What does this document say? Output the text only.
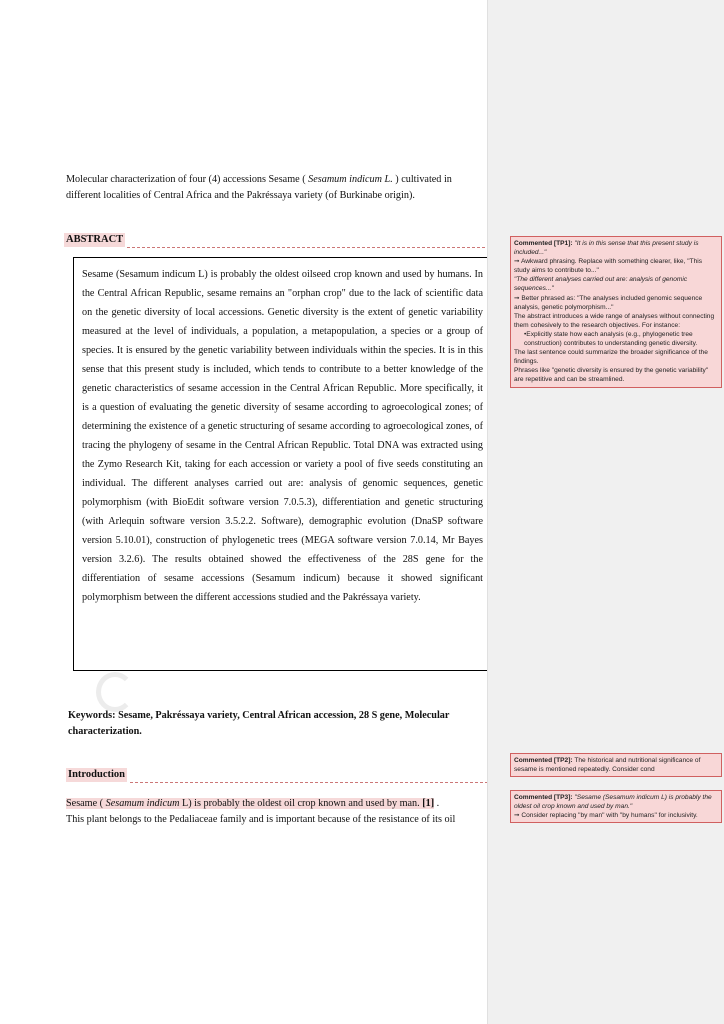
Molecular characterization of four (4) accessions Sesame ( Sesamum indicum L. ) cultivated in different localities of Central Africa and the Pakréssaya variety (of Burkinabe origin).
ABSTRACT

Sesame (Sesamum indicum L) is probably the oldest oilseed crop known and used by humans. In the Central African Republic, sesame remains an "orphan crop" due to the lack of scientific data on the genetic diversity of local accessions. Genetic diversity is the extent of genetic variability measured at the level of individuals, a population, a metapopulation, a species or a group of species. It is ensured by the genetic variability between individuals within the species. It is in this sense that this present study is included, which tends to contribute to a better knowledge of the genetic characteristics of sesame accession in the Central African Republic. More specifically, it is a question of evaluating the genetic diversity of sesame according to agroecological zones; of determining the existence of a genetic structuring of sesame according to agroecological zones, of tracing the phylogeny of sesame in the Central African Republic. Total DNA was extracted using the Zymo Research Kit, taking for each accession or variety a pool of five seeds constituting an individual. The different analyses carried out are: analysis of genomic sequences, genetic polymorphism (with BioEdit software version 7.0.5.3), differentiation and genetic structuring (with Arlequin software version 3.5.2.2. Software), demographic evolution (DnaSP software version 5.10.01), construction of phylogenetic trees (MEGA software version 7.0.14, Mr Bayes version 3.2.6). The results obtained showed the effectiveness of the 28S gene for the differentiation of sesame accessions (Sesamum indicum) because it showed significant polymorphism between the different accessions studied and the Pakréssaya variety.

Keywords: Sesame, Pakréssaya variety, Central African accession, 28 S gene, Molecular characterization.
Introduction
Sesame ( Sesamum indicum L) is probably the oldest oil crop known and used by man. [1] .
This plant belongs to the Pedaliaceae family and is important because of the resistance of its oil
Commented [TP1]: "It is in this sense that this present study is included..."
➞ Awkward phrasing. Replace with something clearer, like, "This study aims to contribute to..."
"The different analyses carried out are: analysis of genomic sequences..."
➞ Better phrased as: "The analyses included genomic sequence analysis, genetic polymorphism..."
The abstract introduces a wide range of analyses without connecting them cohesively to the research objectives. For instance:
•Explicitly state how each analysis (e.g., phylogenetic tree construction) contributes to understanding genetic diversity.
The last sentence could summarize the broader significance of the findings.
Phrases like "genetic diversity is ensured by the genetic variability" are repetitive and can be streamlined.
Commented [TP2]: The historical and nutritional significance of sesame is mentioned repeatedly. Consider cond
Commented [TP3]: "Sesame (Sesamum indicum L) is probably the oldest oil crop known and used by man."
➞ Consider replacing "by man" with "by humans" for inclusivity.
